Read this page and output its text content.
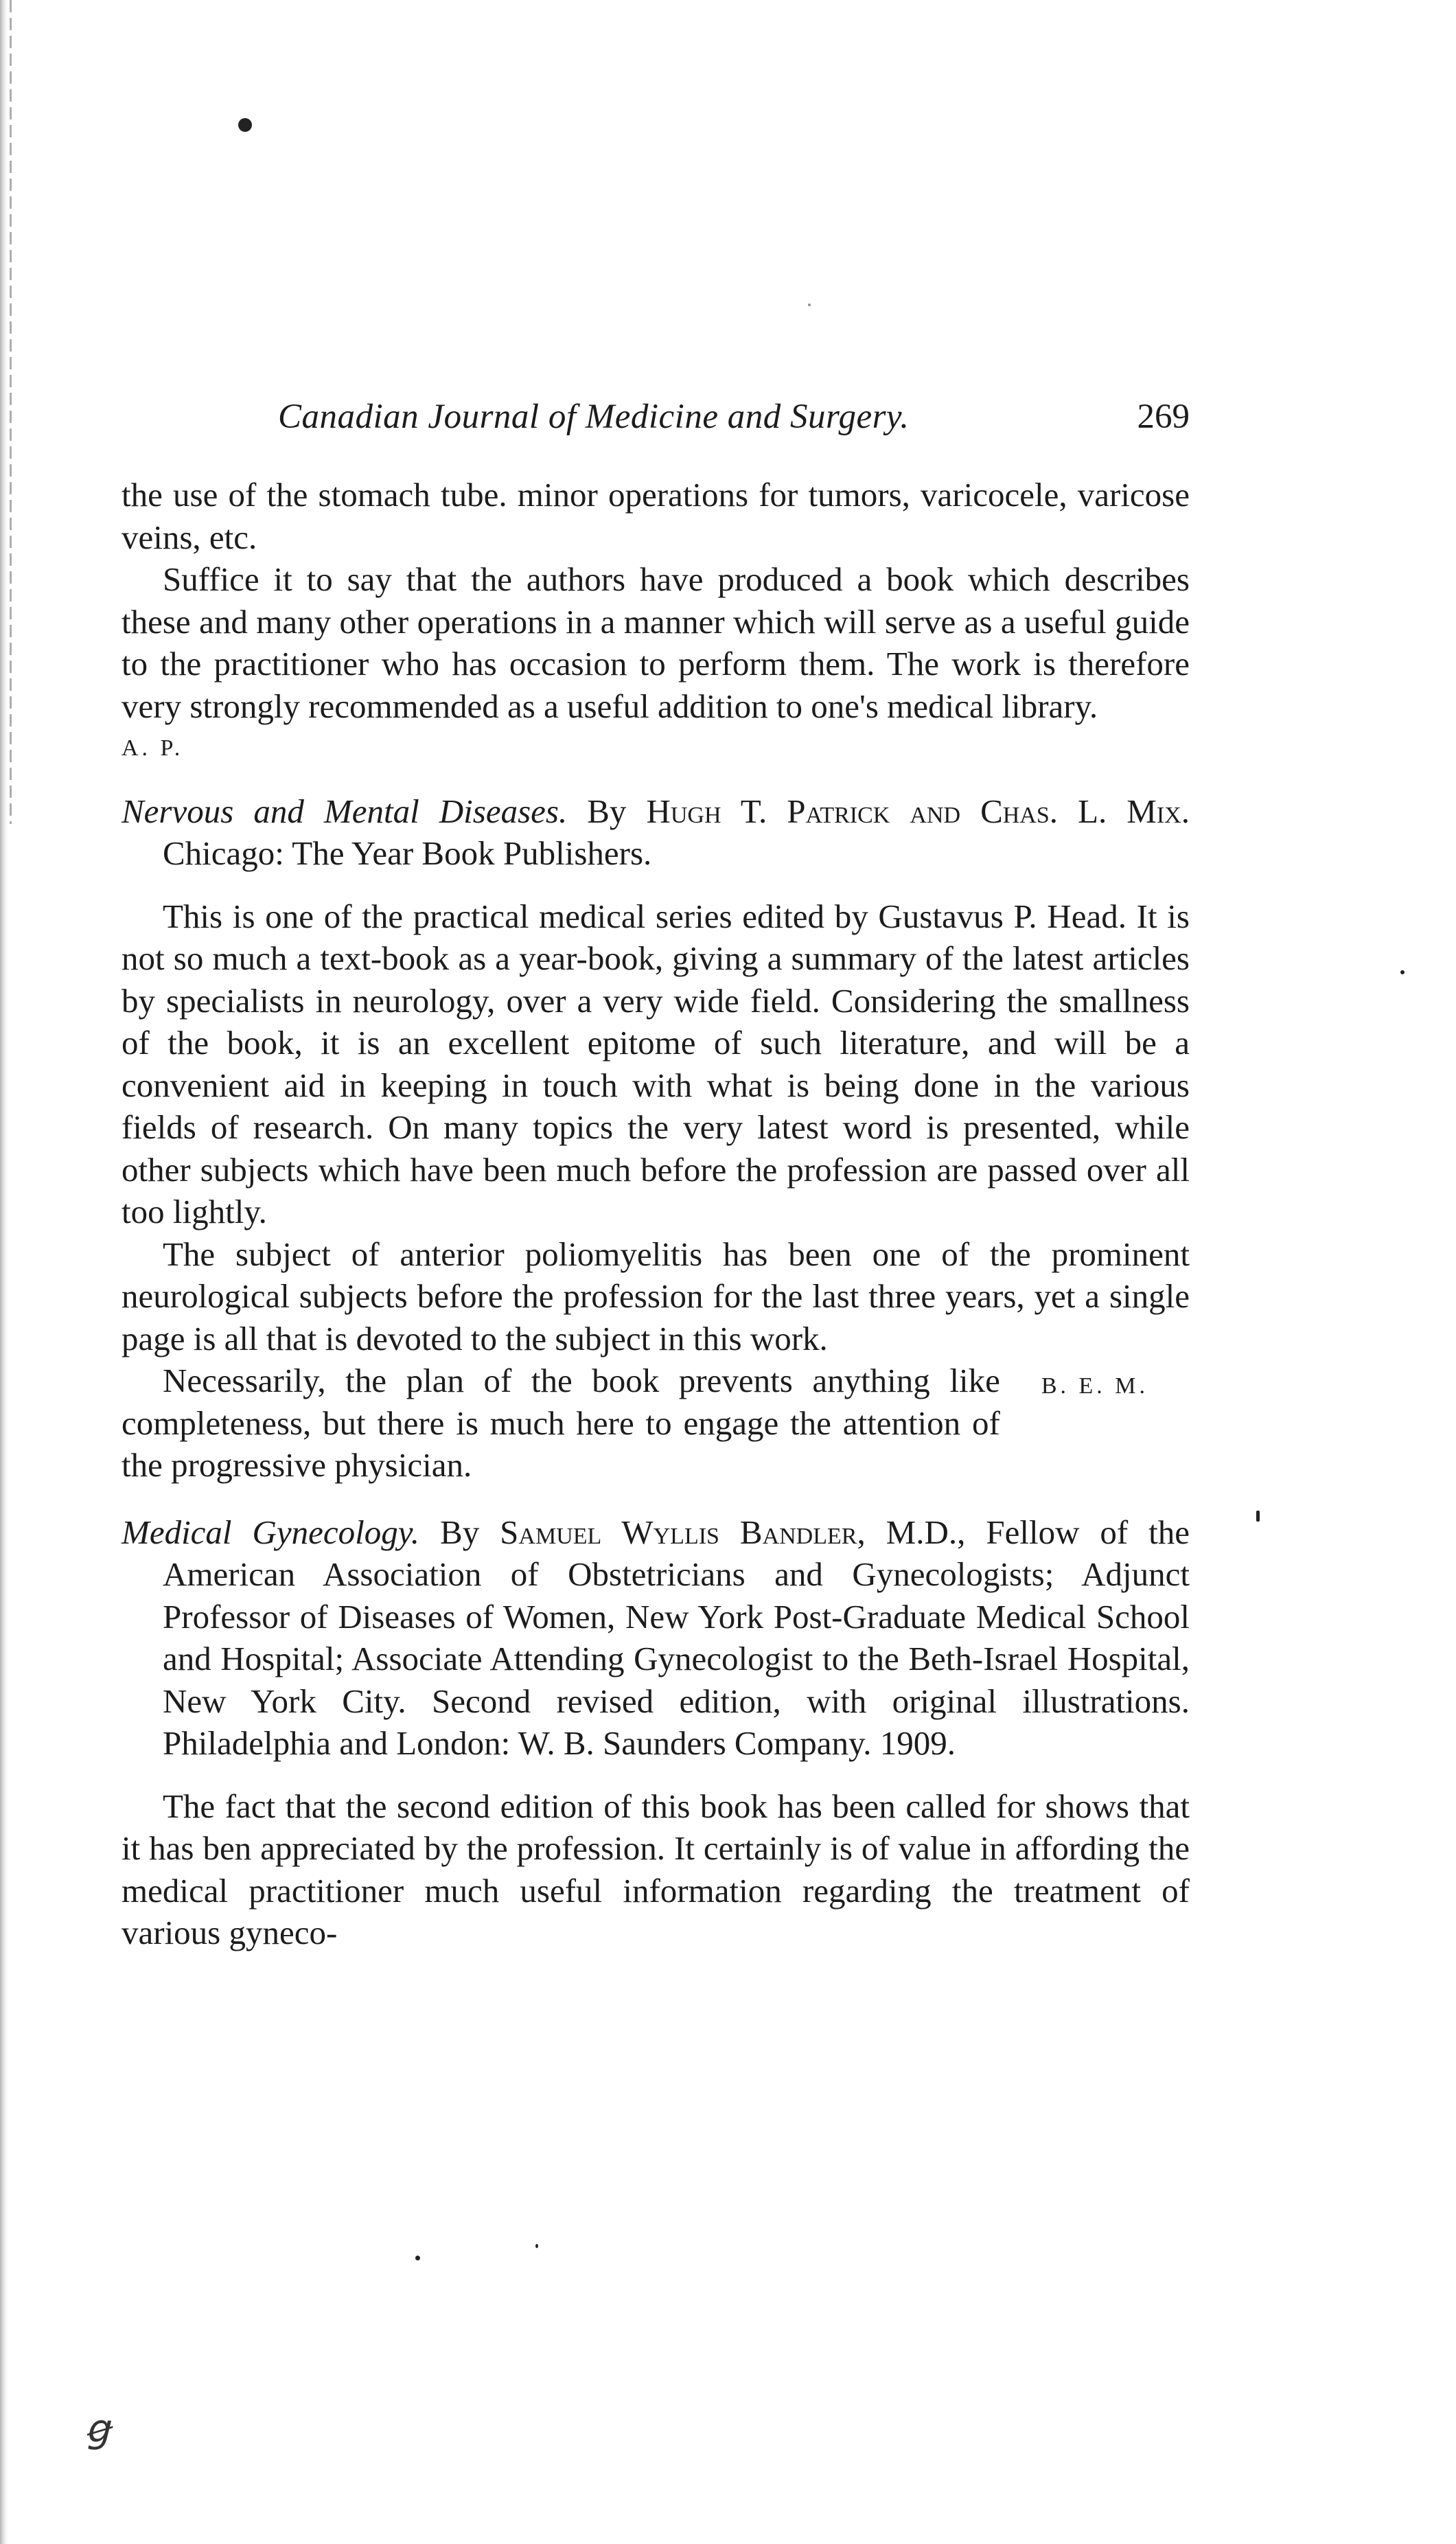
Canadian Journal of Medicine and Surgery.	269

the use of the stomach tube. minor operations for tumors, varicocele, varicose veins, etc.

Suffice it to say that the authors have produced a book which describes these and many other operations in a manner which will serve as a useful guide to the practitioner who has occasion to perform them. The work is therefore very strongly recommended as a useful addition to one's medical library.

A. P.

Nervous and Mental Diseases. By Hugh T. Patrick and Chas. L. Mix. Chicago: The Year Book Publishers.

This is one of the practical medical series edited by Gustavus P. Head. It is not so much a text-book as a year-book, giving a summary of the latest articles by specialists in neurology, over a very wide field. Considering the smallness of the book, it is an excellent epitome of such literature, and will be a convenient aid in keeping in touch with what is being done in the various fields of research. On many topics the very latest word is presented, while other subjects which have been much before the profession are passed over all too lightly.

The subject of anterior poliomyelitis has been one of the prominent neurological subjects before the profession for the last three years, yet a single page is all that is devoted to the subject in this work.

B. E. M.
Necessarily, the plan of the book prevents anything like completeness, but there is much here to engage the attention of the progressive physician.

Medical Gynecology. By Samuel Wyllis Bandler, M.D., Fellow of the American Association of Obstetricians and Gynecologists; Adjunct Professor of Diseases of Women, New York Post-Graduate Medical School and Hospital; Associate Attending Gynecologist to the Beth-Israel Hospital, New York City. Second revised edition, with original illustrations. Philadelphia and London: W. B. Saunders Company. 1909.

The fact that the second edition of this book has been called for shows that it has ben appreciated by the profession. It certainly is of value in affording the medical practitioner much useful information regarding the treatment of various gyneco-

ꞡ
